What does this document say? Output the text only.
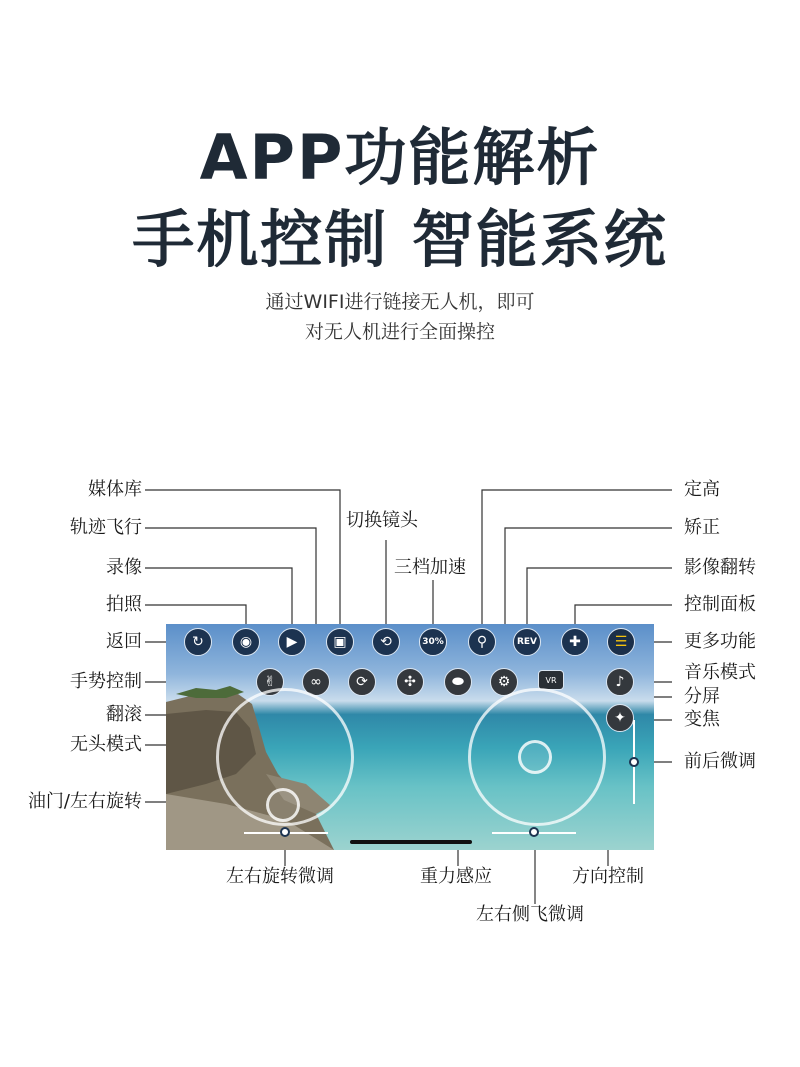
APP功能解析
手机控制 智能系统
通过WIFI进行链接无人机，即可
对无人机进行全面操控
↻	◉ ▶	▣ ⟲	30% ⚲	REV ✚ ☰
✌ ∞ ⟳	✣	⬬ ⚙	VR	♪
✦
媒体库
轨迹飞行
录像
拍照
返回
手势控制
翻滚
无头模式
油门/左右旋转
切换镜头
三档加速
定高
矫正
影像翻转
控制面板
更多功能
音乐模式
分屏
变焦
前后微调
左右旋转微调	重力感应	方向控制
左右侧飞微调
